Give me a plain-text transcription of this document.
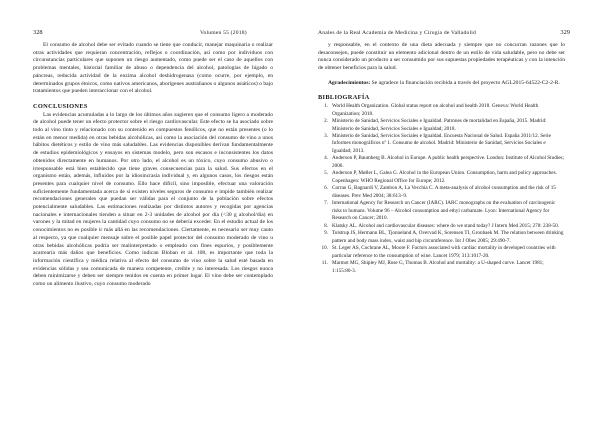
328	Volumen 55 (2018)

El consumo de alcohol debe ser evitado cuando se tiene que conducir, manejar maquinaria o realizar otras actividades que requieran concentración, reflejos o coordinación, así como por individuos con circunstancias particulares que suponen un riesgo aumentado, como puede ser el caso de aquellos con problemas mentales, historial familiar de abuso o dependencia del alcohol, patologías de hígado o páncreas, reducida actividad de la enzima alcohol deshidrogenasa (como ocurre, por ejemplo, en determinados grupos étnicos, como nativos americanos, aborígenes australianos o algunos asiáticos) o bajo tratamientos que pueden interaccionar con el alcohol.

CONCLUSIONES

Las evidencias acumuladas a lo largo de los últimos años sugieren que el consumo ligero a moderado de alcohol puede tener un efecto protector sobre el riesgo cardiovascular. Este efecto se ha asociado sobre todo al vino tinto y relacionado con su contenido en compuestos fenólicos, que no están presentes (o lo están en menor medida) en otras bebidas alcohólicas, así como la asociación del consumo de vino a unos hábitos dietéticos y estilo de vino más saludables. Las evidencias disponibles derivan fundamentalmente de estudios epidemiológicos y ensayos en sistemas modelo, pero son escasos e inconsistentes los datos obtenidos directamente en humanos. Por otro lado, el alcohol es un tóxico, cuyo consumo abusivo o irresponsable está bien establecido que tiene graves consecuencias para la salud. Sus efectos en el organismo están, además, influidos por la idiosincrasia individual y, en algunos casos, los riesgos están presentes para cualquier nivel de consumo. Ello hace difícil, sino imposible, efectuar una valoración suficientemente fundamentada acerca de si existen niveles seguros de consumo e impide también realizar recomendaciones generales que puedan ser válidas para el conjunto de la población sobre efectos potencialmente saludables. Las estimaciones realizadas por distintos autores y recogidas por agencias nacionales e internacionales tienden a situar en 2-3 unidades de alcohol por día (<30 g alcohol/día) en varones y la mitad en mujeres la cantidad cuyo consumo no se debería exceder. En el estudio actual de los conocimientos no es posible ir más allá en las recomendaciones. Ciertamente, es necesario ser muy cauto al respecto, ya que cualquier mensaje sobre el posible papel protector del consumo moderado de vino u otras bebidas alcohólicas podría ser malinterpretado o empleado con fines espurios, y posiblemente acarrearía más daños que beneficios. Como indican Bloban et al. 108, es importante que toda la información científica y médica relativa al efecto del consumo de vino sobre la salud esté basada en evidencias sólidas y sea comunicada de manera competente, creíble y no interesada. Los riesgos nunca deben minimizarse y deben ser siempre tenidos en cuenta en primer lugar. El vino debe ser contemplado como un alimento ilustivo, cuyo consumo moderado

Anales de la Real Academia de Medicina y Cirugía de Valladolid	329

y responsable, en el contexto de una dieta adecuada y siempre que no concurran razones que lo desaconsejen, puede constituir un elemento adicional dentro de un estilo de vida saludable, pero no debe ser nunca considerado un producto a ser consumido por sus supuestas propiedades terapéuticas y con la intención de obtener beneficios para la salud.

Agradecimientos: Se agradece la financiación recibida a través del proyecto AGL2015-64522-C2-2-R.

BIBLIOGRAFÍA
1. World Health Organization. Global status report on alcohol and health 2018. Geneva: World Health Organization; 2018.
2. Ministerio de Sanidad, Servicios Sociales e Igualdad. Patrones de mortalidad en España, 2015. Madrid: Ministerio de Sanidad, Servicios Sociales e Igualdad; 2018.
3. Ministerio de Sanidad, Servicios Sociales e Igualdad. Encuesta Nacional de Salud. España 2011/12. Serie Informes monográficos nº 1. Consumo de alcohol. Madrid: Ministerio de Sanidad, Servicios Sociales e Igualdad; 2013.
4. Anderson P, Baumberg B. Alcohol in Europe. A public health perspective. London: Institute of Alcohol Studies; 2006.
5. Anderson P, Møller L, Galea G. Alcohol in the European Union. Consumption, harm and policy approaches. Copenhagen: WHO Regional Office for Europe; 2012.
6. Corrao G, Bagnardi V, Zambon A, La Vecchia C. A meta-analysis of alcohol consumption and the risk of 15 diseases. Prev Med 2004; 38:613–9.
7. International Agency for Research on Cancer (IARC). IARC monographs on the evaluation of carcinogenic risks to humans. Volume 96 – Alcohol consumption and ethyl carbamate. Lyon: International Agency for Research on Cancer; 2010.
8. Klatsky AL. Alcohol and cardiovascular diseases: where do we stand today? J Intern Med 2015; 278: 238-50.
9. Tolstrup JS, Hermann BL, Tjonneland A, Overvad K, Sorensen TI, Gronbaek M. The relation between drinking pattern and body mass index, waist and hip circumference. Int J Obes 2005; 29:490-7.
10. St. Leger AS, Cochrane AL, Moore F. Factors associated with cardiac mortality in developed countries with particular reference to the consumption of wine. Lancet 1979; 313:1017-20.
11. Marmot MG, Shipley MJ, Rose G, Thomas B. Alcohol and mortality: a U-shaped curve. Lancet 1981; 1:155:80-3.
